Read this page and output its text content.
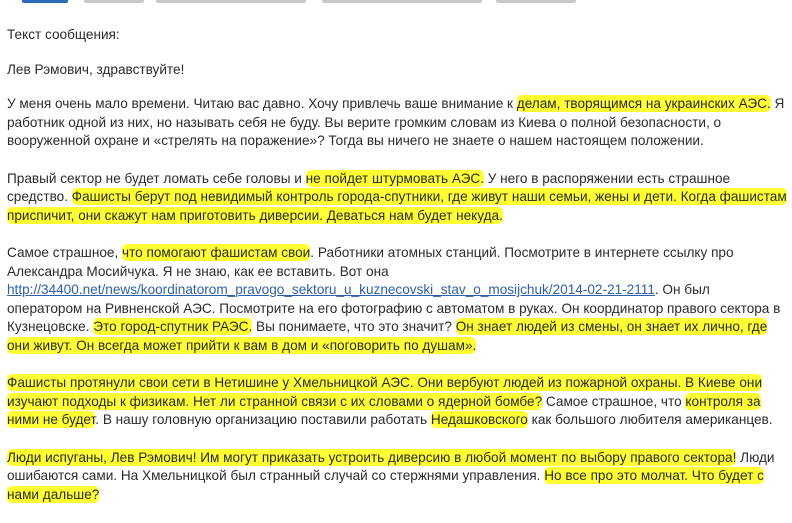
Текст сообщения:

Лев Рэмович, здравствуйте!

У меня очень мало времени. Читаю вас давно. Хочу привлечь ваше внимание к делам, творящимся на украинских АЭС. Я работник одной из них, но называть себя не буду. Вы верите громким словам из Киева о полной безопасности, о вооруженной охране и «стрелять на поражение»? Тогда вы ничего не знаете о нашем настоящем положении.

Правый сектор не будет ломать себе головы и не пойдет штурмовать АЭС. У него в распоряжении есть страшное средство. Фашисты берут под невидимый контроль города-спутники, где живут наши семьи, жены и дети. Когда фашистам приспичит, они скажут нам приготовить диверсии. Деваться нам будет некуда.

Самое страшное, что помогают фашистам свои. Работники атомных станций. Посмотрите в интернете ссылку про Александра Мосийчука. Я не знаю, как ее вставить. Вот она http://34400.net/news/koordinatorom_pravogo_sektoru_u_kuznecovski_stav_o_mosijchuk/2014-02-21-2111. Он был оператором на Ривненской АЭС. Посмотрите на его фотографию с автоматом в руках. Он координатор правого сектора в Кузнецовске. Это город-спутник РАЭС. Вы понимаете, что это значит? Он знает людей из смены, он знает их лично, где они живут. Он всегда может прийти к вам в дом и «поговорить по душам».

Фашисты протянули свои сети в Нетишине у Хмельницкой АЭС. Они вербуют людей из пожарной охраны. В Киеве они изучают подходы к физикам. Нет ли странной связи с их словами о ядерной бомбе? Самое страшное, что контроля за ними не будет. В нашу головную организацию поставили работать Недашковского как большого любителя американцев.

Люди испуганы, Лев Рэмович! Им могут приказать устроить диверсию в любой момент по выбору правого сектора! Люди ошибаются сами. На Хмельницкой был странный случай со стержнями управления. Но все про это молчат. Что будет с нами дальше?
